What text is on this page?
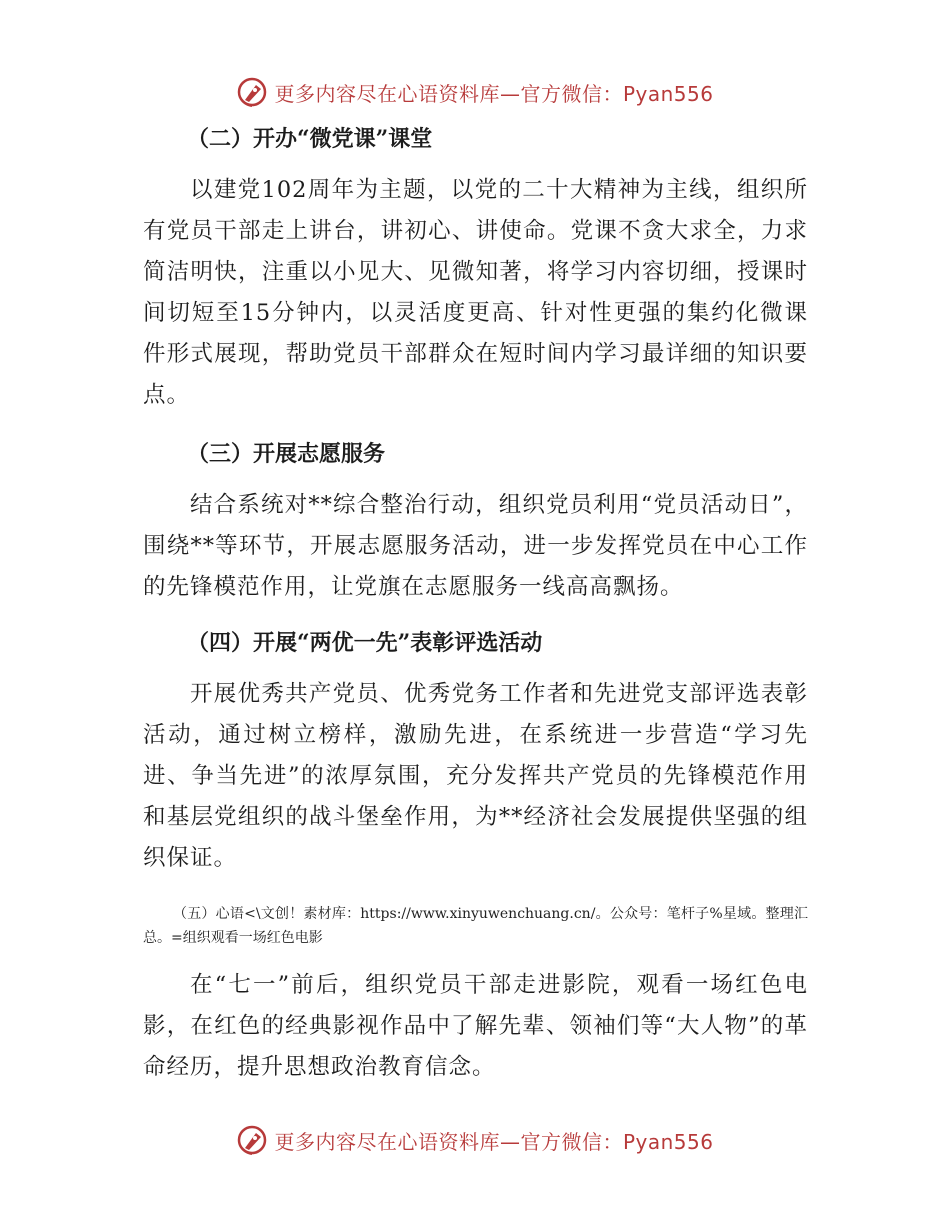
更多内容尽在心语资料库—官方微信：Pyan556
（二）开办“微党课”课堂

以建党102周年为主题，以党的二十大精神为主线，组织所有党员干部走上讲台，讲初心、讲使命。党课不贪大求全，力求简洁明快，注重以小见大、见微知著，将学习内容切细，授课时间切短至15分钟内，以灵活度更高、针对性更强的集约化微课件形式展现，帮助党员干部群众在短时间内学习最详细的知识要点。

（三）开展志愿服务

结合系统对**综合整治行动，组织党员利用“党员活动日”，围绕**等环节，开展志愿服务活动，进一步发挥党员在中心工作的先锋模范作用，让党旗在志愿服务一线高高飘扬。

（四）开展“两优一先”表彰评选活动

开展优秀共产党员、优秀党务工作者和先进党支部评选表彰活动，通过树立榜样，激励先进，在系统进一步营造“学习先进、争当先进”的浓厚氛围，充分发挥共产党员的先锋模范作用和基层党组织的战斗堡垒作用，为**经济社会发展提供坚强的组织保证。

（五）心语<\文创！素材库：https://www.xinyuwenchuang.cn/。公众号：笔杆子%星域。整理汇总。=组织观看一场红色电影

在“七一”前后，组织党员干部走进影院，观看一场红色电影，在红色的经典影视作品中了解先辈、领袖们等“大人物”的革命经历，提升思想政治教育信念。

更多内容尽在心语资料库—官方微信：Pyan556
